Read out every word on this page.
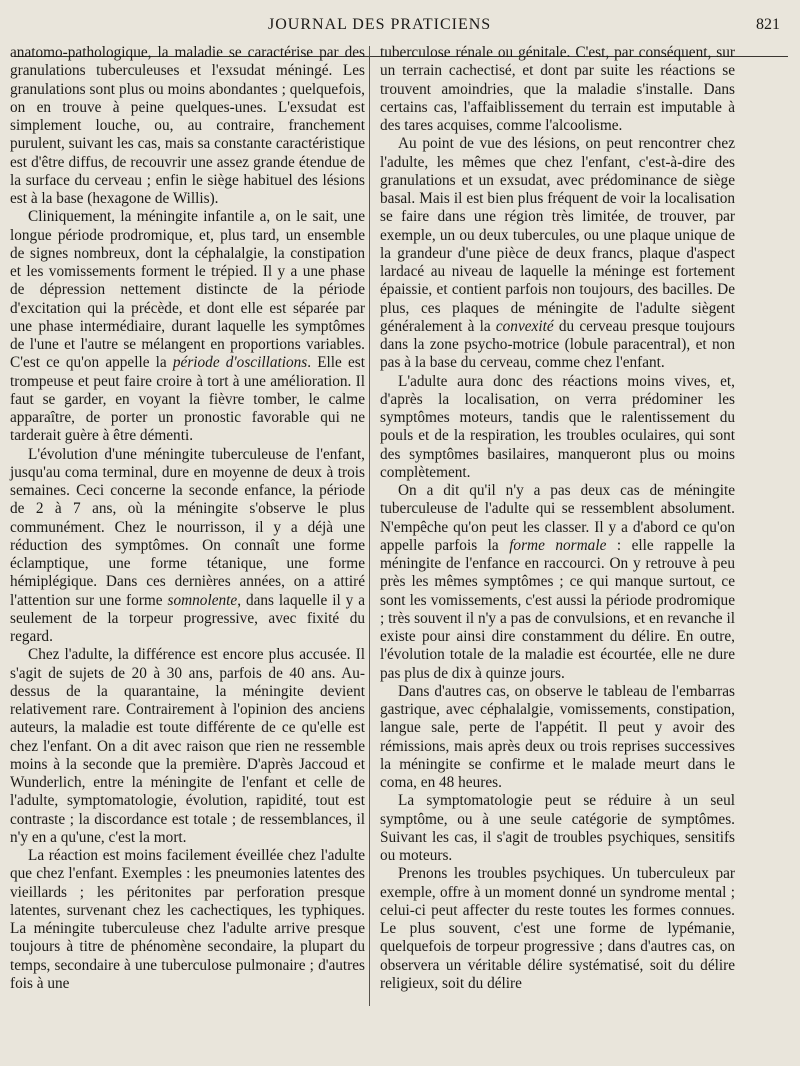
JOURNAL DES PRATICIENS	821

anatomo-pathologique, la maladie se caractérise par des granulations tuberculeuses et l'exsudat méningé. Les granulations sont plus ou moins abondantes ; quelquefois, on en trouve à peine quelques-unes. L'exsudat est simplement louche, ou, au contraire, franchement purulent, suivant les cas, mais sa constante caractéristique est d'être diffus, de recouvrir une assez grande étendue de la surface du cerveau ; enfin le siège habituel des lésions est à la base (hexagone de Willis).

Cliniquement, la méningite infantile a, on le sait, une longue période prodromique, et, plus tard, un ensemble de signes nombreux, dont la céphalalgie, la constipation et les vomissements forment le trépied. Il y a une phase de dépression nettement distincte de la période d'excitation qui la précède, et dont elle est séparée par une phase intermédiaire, durant laquelle les symptômes de l'une et l'autre se mélangent en proportions variables. C'est ce qu'on appelle la période d'oscillations. Elle est trompeuse et peut faire croire à tort à une amélioration. Il faut se garder, en voyant la fièvre tomber, le calme apparaître, de porter un pronostic favorable qui ne tarderait guère à être démenti.

L'évolution d'une méningite tuberculeuse de l'enfant, jusqu'au coma terminal, dure en moyenne de deux à trois semaines. Ceci concerne la seconde enfance, la période de 2 à 7 ans, où la méningite s'observe le plus communément. Chez le nourrisson, il y a déjà une réduction des symptômes. On connaît une forme éclamptique, une forme tétanique, une forme hémiplégique. Dans ces dernières années, on a attiré l'attention sur une forme somnolente, dans laquelle il y a seulement de la torpeur progressive, avec fixité du regard.

Chez l'adulte, la différence est encore plus accusée. Il s'agit de sujets de 20 à 30 ans, parfois de 40 ans. Au-dessus de la quarantaine, la méningite devient relativement rare. Contrairement à l'opinion des anciens auteurs, la maladie est toute différente de ce qu'elle est chez l'enfant. On a dit avec raison que rien ne ressemble moins à la seconde que la première. D'après Jaccoud et Wunderlich, entre la méningite de l'enfant et celle de l'adulte, symptomatologie, évolution, rapidité, tout est contraste ; la discordance est totale ; de ressemblances, il n'y en a qu'une, c'est la mort.

La réaction est moins facilement éveillée chez l'adulte que chez l'enfant. Exemples : les pneumonies latentes des vieillards ; les péritonites par perforation presque latentes, survenant chez les cachectiques, les typhiques. La méningite tuberculeuse chez l'adulte arrive presque toujours à titre de phénomène secondaire, la plupart du temps, secondaire à une tuberculose pulmonaire ; d'autres fois à une

tuberculose rénale ou génitale. C'est, par conséquent, sur un terrain cachectisé, et dont par suite les réactions se trouvent amoindries, que la maladie s'installe. Dans certains cas, l'affaiblissement du terrain est imputable à des tares acquises, comme l'alcoolisme.

Au point de vue des lésions, on peut rencontrer chez l'adulte, les mêmes que chez l'enfant, c'est-à-dire des granulations et un exsudat, avec prédominance de siège basal. Mais il est bien plus fréquent de voir la localisation se faire dans une région très limitée, de trouver, par exemple, un ou deux tubercules, ou une plaque unique de la grandeur d'une pièce de deux francs, plaque d'aspect lardacé au niveau de laquelle la méninge est fortement épaissie, et contient parfois non toujours, des bacilles. De plus, ces plaques de méningite de l'adulte siègent généralement à la convexité du cerveau presque toujours dans la zone psycho-motrice (lobule paracentral), et non pas à la base du cerveau, comme chez l'enfant.

L'adulte aura donc des réactions moins vives, et, d'après la localisation, on verra prédominer les symptômes moteurs, tandis que le ralentissement du pouls et de la respiration, les troubles oculaires, qui sont des symptômes basilaires, manqueront plus ou moins complètement.

On a dit qu'il n'y a pas deux cas de méningite tuberculeuse de l'adulte qui se ressemblent absolument. N'empêche qu'on peut les classer. Il y a d'abord ce qu'on appelle parfois la forme normale : elle rappelle la méningite de l'enfance en raccourci. On y retrouve à peu près les mêmes symptômes ; ce qui manque surtout, ce sont les vomissements, c'est aussi la période prodromique ; très souvent il n'y a pas de convulsions, et en revanche il existe pour ainsi dire constamment du délire. En outre, l'évolution totale de la maladie est écourtée, elle ne dure pas plus de dix à quinze jours.

Dans d'autres cas, on observe le tableau de l'embarras gastrique, avec céphalalgie, vomissements, constipation, langue sale, perte de l'appétit. Il peut y avoir des rémissions, mais après deux ou trois reprises successives la méningite se confirme et le malade meurt dans le coma, en 48 heures.

La symptomatologie peut se réduire à un seul symptôme, ou à une seule catégorie de symptômes. Suivant les cas, il s'agit de troubles psychiques, sensitifs ou moteurs.

Prenons les troubles psychiques. Un tuberculeux par exemple, offre à un moment donné un syndrome mental ; celui-ci peut affecter du reste toutes les formes connues. Le plus souvent, c'est une forme de lypémanie, quelquefois de torpeur progressive ; dans d'autres cas, on observera un véritable délire systématisé, soit du délire religieux, soit du délire
